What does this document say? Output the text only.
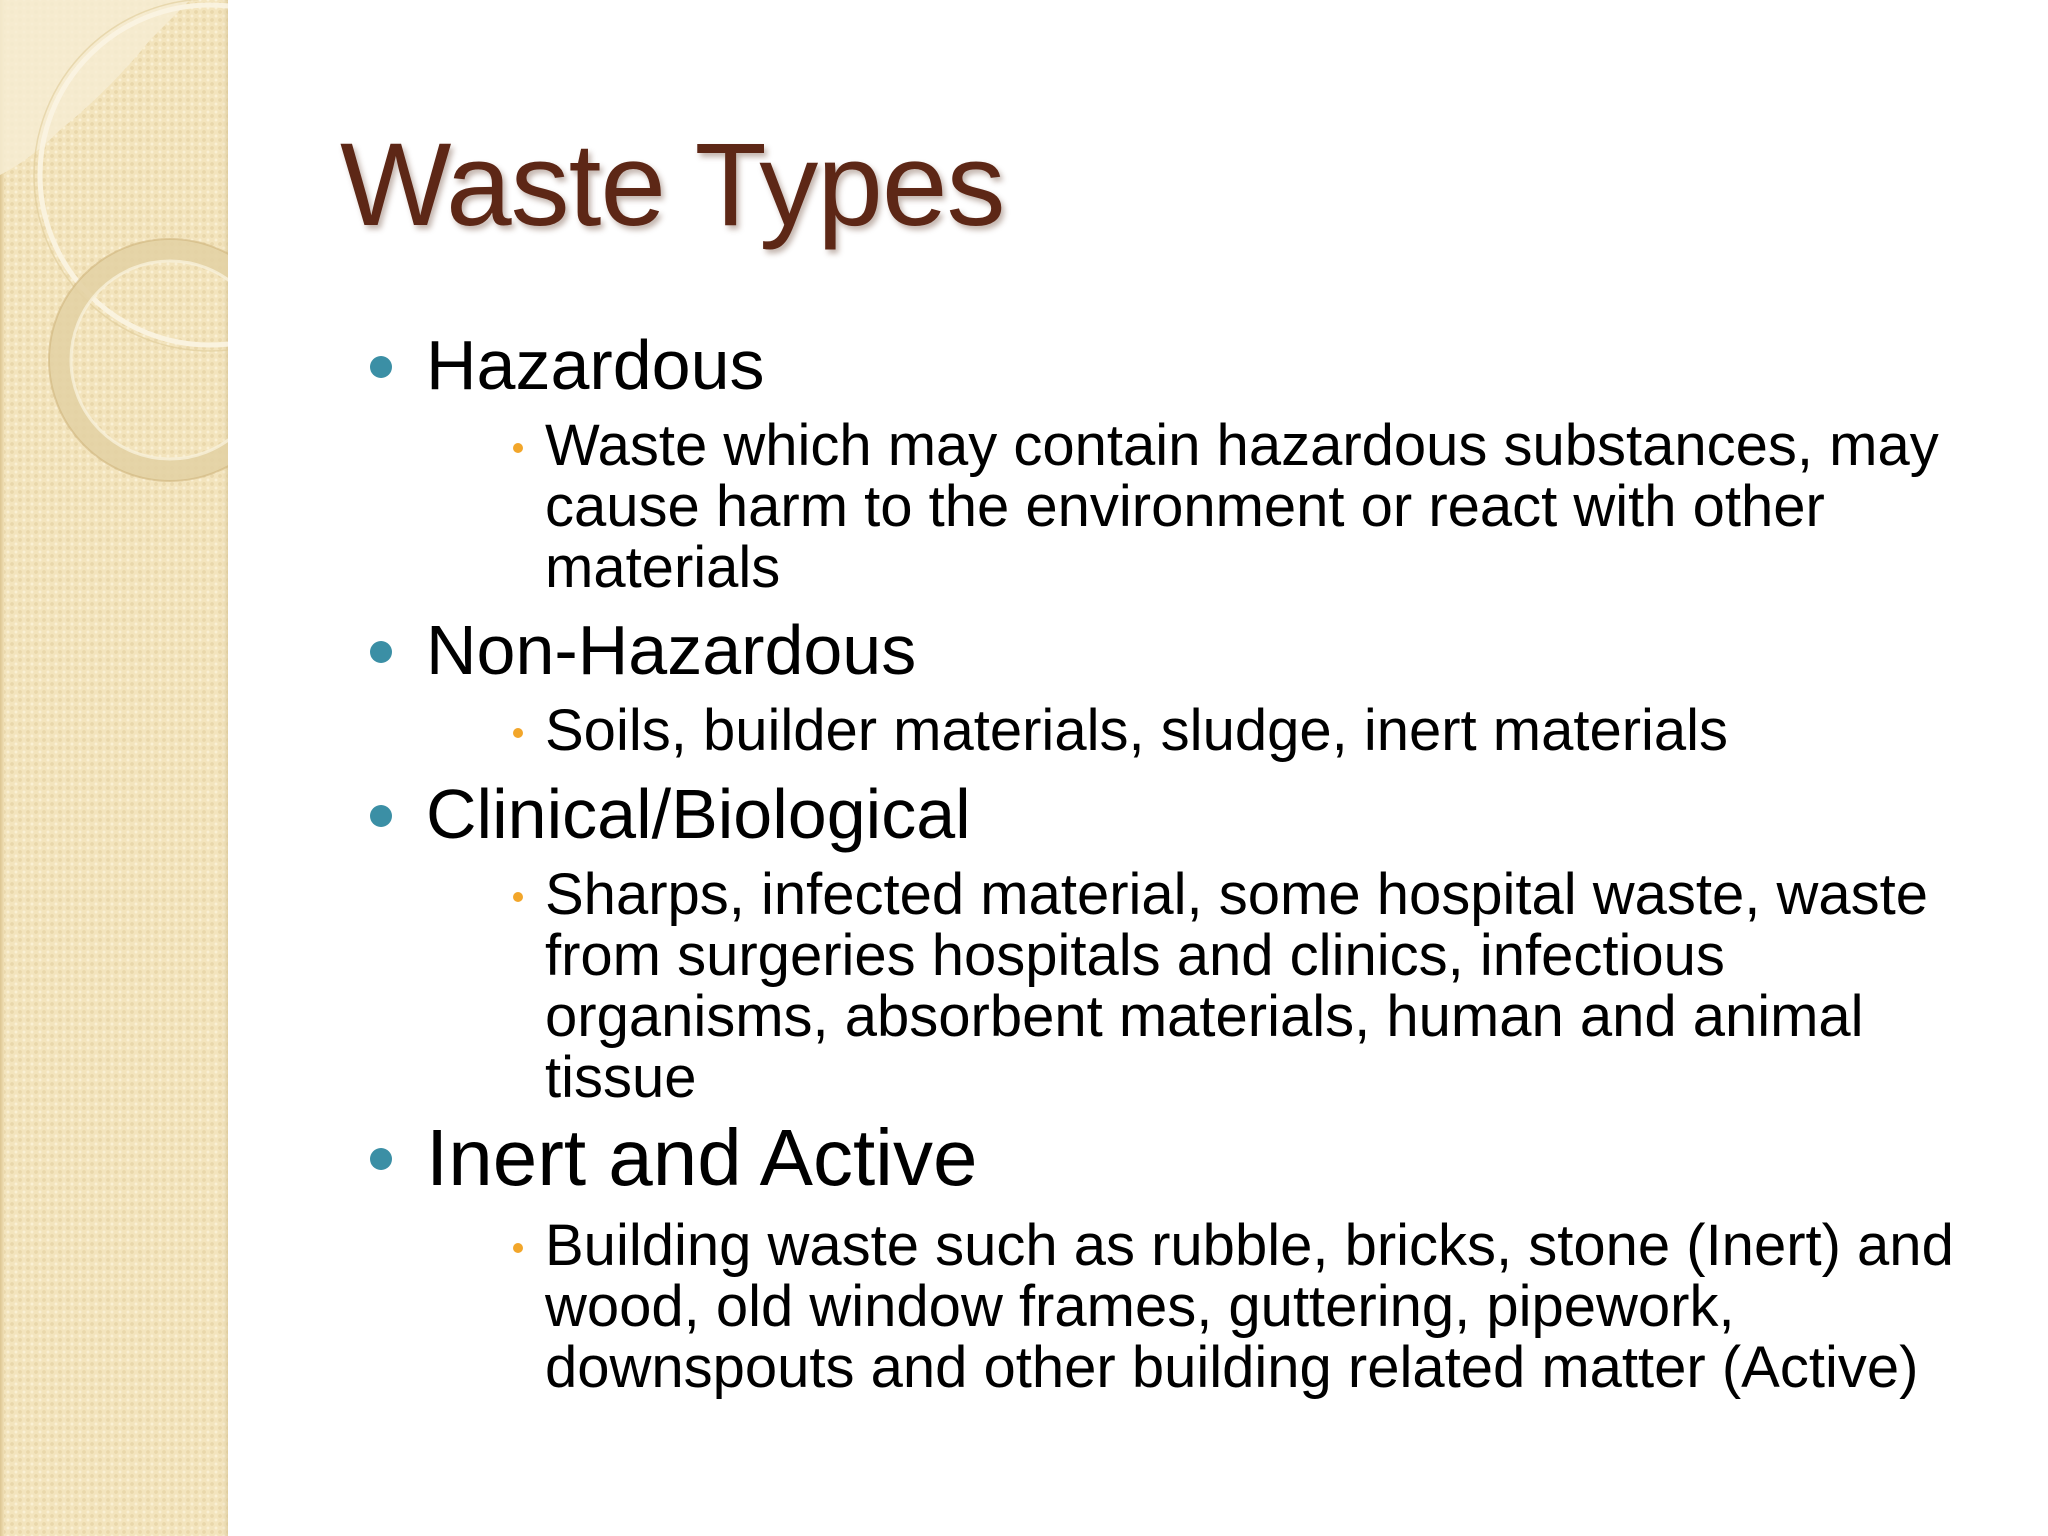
Waste Types

Hazardous

Waste which may contain hazardous substances, may cause harm to the environment or react with other materials

Non-Hazardous

Soils, builder materials, sludge, inert materials

Clinical/Biological

Sharps, infected material, some hospital waste, waste from surgeries hospitals and clinics, infectious organisms, absorbent materials, human and animal tissue

Inert and Active

Building waste such as rubble, bricks, stone (Inert) and wood, old window frames, guttering, pipework, downspouts and other building related matter (Active)
